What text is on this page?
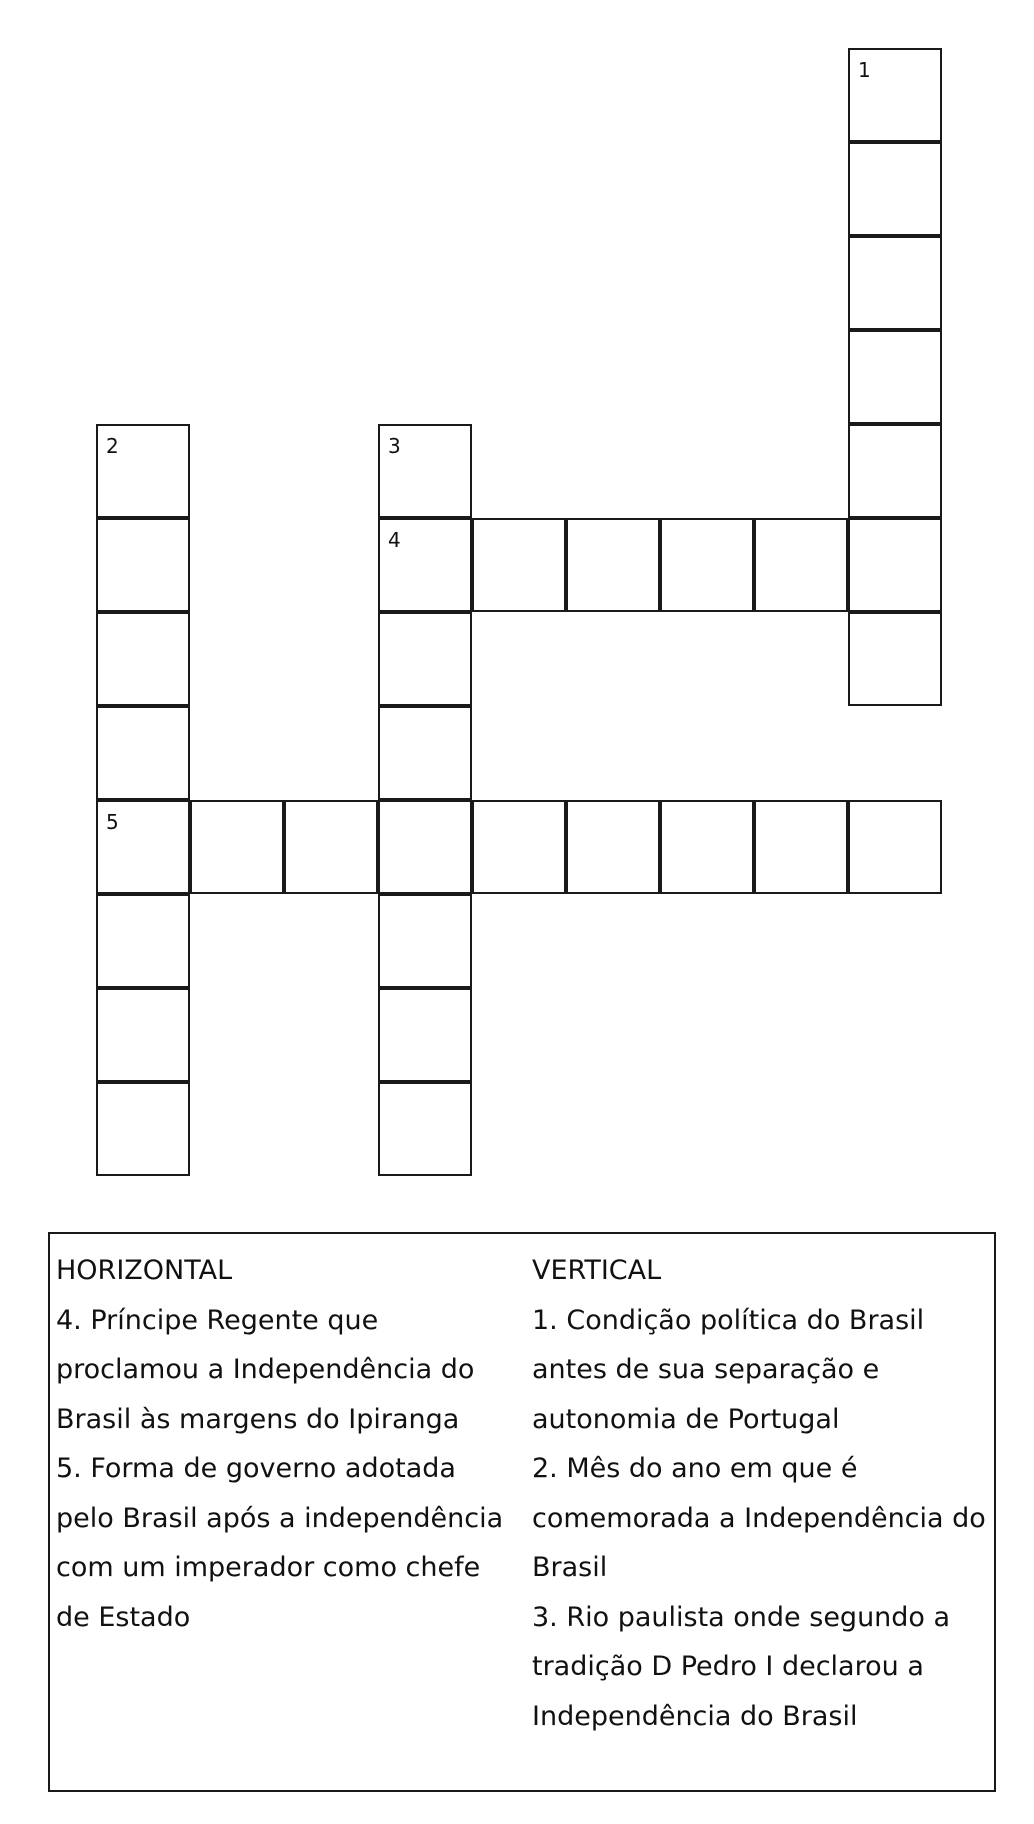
1
2
5
3
4
HORIZONTAL
4. Príncipe Regente que proclamou a Independência do Brasil às margens do Ipiranga
5. Forma de governo adotada pelo Brasil após a independência com um imperador como chefe de Estado
VERTICAL
1. Condição política do Brasil antes de sua separação e autonomia de Portugal
2. Mês do ano em que é comemorada a Independência do Brasil
3. Rio paulista onde segundo a tradição D Pedro I declarou a Independência do Brasil
